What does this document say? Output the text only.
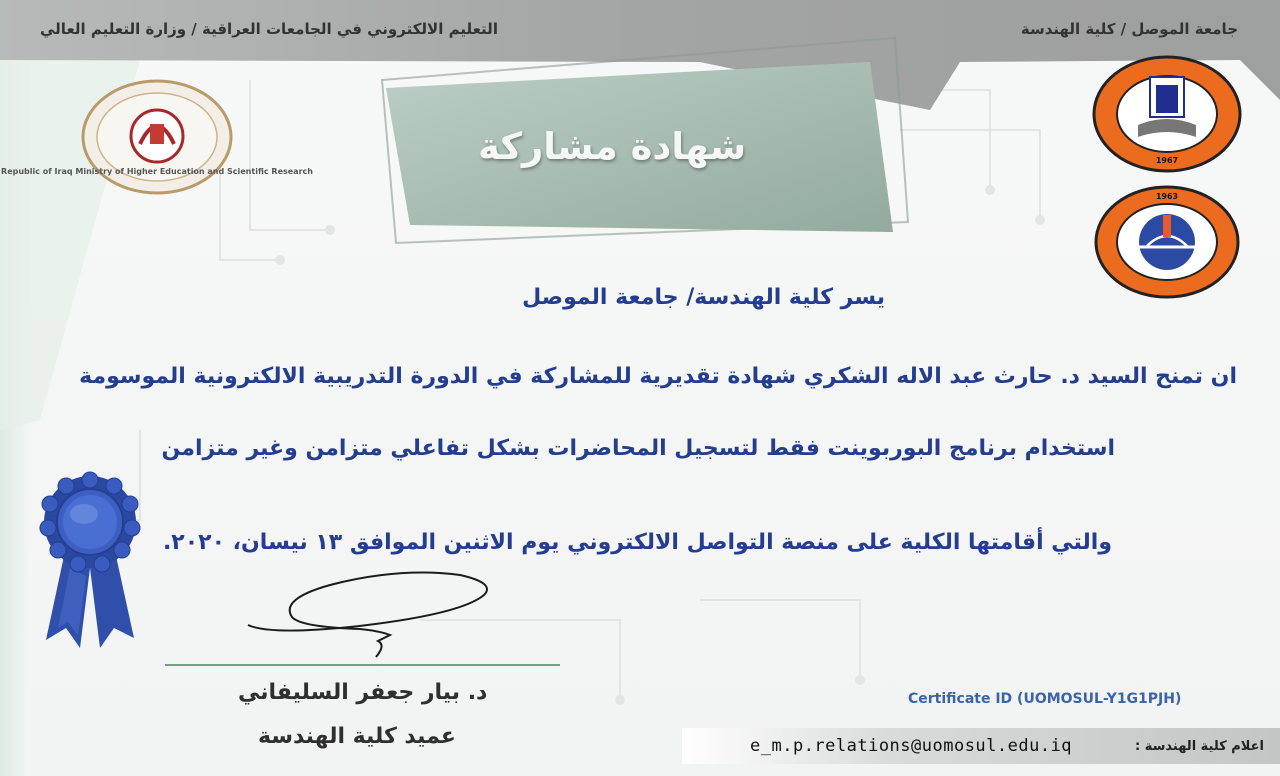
التعليم الالكتروني في الجامعات العراقية / وزارة التعليم العالي	جامعة الموصل / كلية الهندسة
شهادة مشاركة
Republic of Iraq Ministry of Higher Education and Scientific Research
1967
1963
يسر كلية الهندسة/ جامعة الموصل
ان تمنح السيد د. حارث عبد الاله الشكري شهادة تقديرية للمشاركة في الدورة التدريبية الالكترونية الموسومة
استخدام برنامج البوربوينت فقط لتسجيل المحاضرات بشكل تفاعلي متزامن وغير متزامن
والتي أقامتها الكلية على منصة التواصل الالكتروني يوم الاثنين الموافق ١٣ نيسان، ٢٠٢٠.
د. بيار جعفر السليفاني
عميد كلية الهندسة
Certificate ID (UOMOSUL-Y1G1PJH)
e_m.p.relations@uomosul.edu.iq	اعلام كلية الهندسة :
